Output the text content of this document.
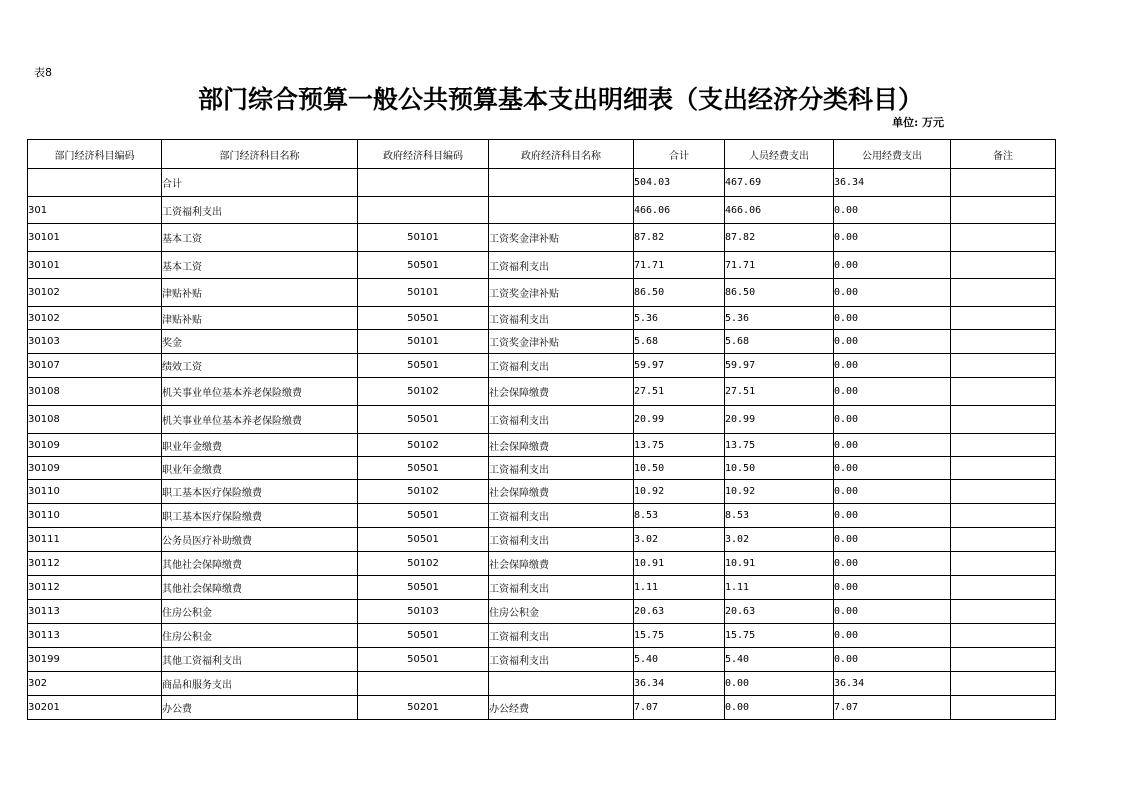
表8
部门综合预算一般公共预算基本支出明细表（支出经济分类科目）
单位: 万元
部门经济科目编码	部门经济科目名称	政府经济科目编码	政府经济科目名称	合计	人员经费支出	公用经费支出	备注
	合计			504.03	467.69	36.34	
301	工资福利支出			466.06	466.06	0.00	
30101	基本工资	50101	工资奖金津补贴	87.82	87.82	0.00	
30101	基本工资	50501	工资福利支出	71.71	71.71	0.00	
30102	津贴补贴	50101	工资奖金津补贴	86.50	86.50	0.00	
30102	津贴补贴	50501	工资福利支出	5.36	5.36	0.00	
30103	奖金	50101	工资奖金津补贴	5.68	5.68	0.00	
30107	绩效工资	50501	工资福利支出	59.97	59.97	0.00	
30108	机关事业单位基本养老保险缴费	50102	社会保障缴费	27.51	27.51	0.00	
30108	机关事业单位基本养老保险缴费	50501	工资福利支出	20.99	20.99	0.00	
30109	职业年金缴费	50102	社会保障缴费	13.75	13.75	0.00	
30109	职业年金缴费	50501	工资福利支出	10.50	10.50	0.00	
30110	职工基本医疗保险缴费	50102	社会保障缴费	10.92	10.92	0.00	
30110	职工基本医疗保险缴费	50501	工资福利支出	8.53	8.53	0.00	
30111	公务员医疗补助缴费	50501	工资福利支出	3.02	3.02	0.00	
30112	其他社会保障缴费	50102	社会保障缴费	10.91	10.91	0.00	
30112	其他社会保障缴费	50501	工资福利支出	1.11	1.11	0.00	
30113	住房公积金	50103	住房公积金	20.63	20.63	0.00	
30113	住房公积金	50501	工资福利支出	15.75	15.75	0.00	
30199	其他工资福利支出	50501	工资福利支出	5.40	5.40	0.00	
302	商品和服务支出			36.34	0.00	36.34	
30201	办公费	50201	办公经费	7.07	0.00	7.07	
